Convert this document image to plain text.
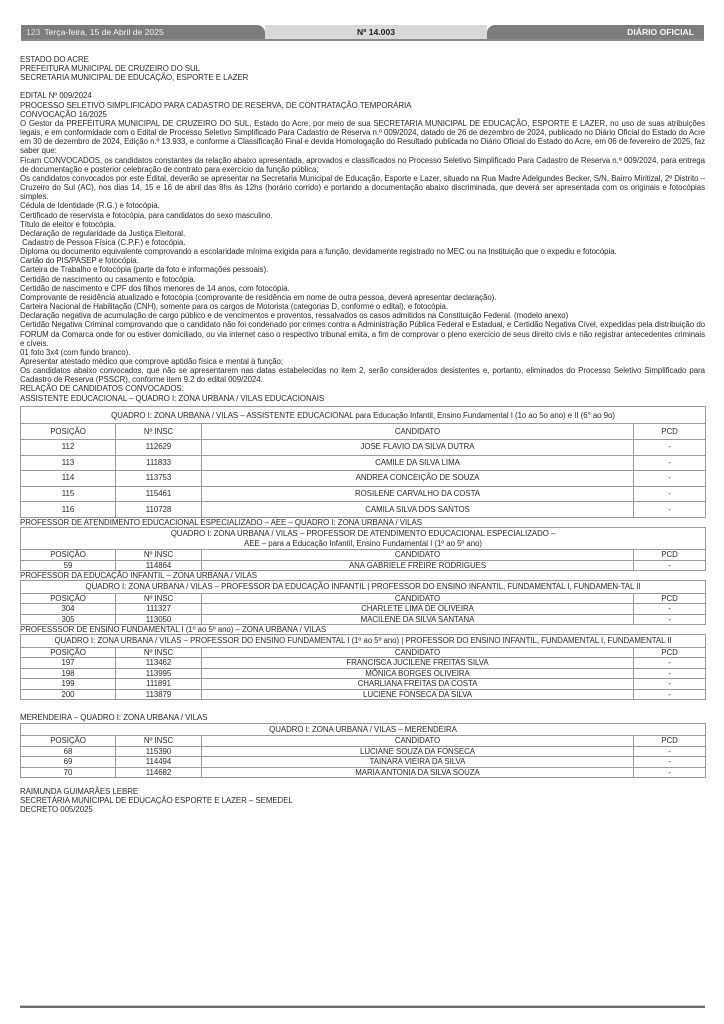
123 Terça-feira, 15 de Abril de 2025	Nº 14.003	DIÁRIO OFICIAL

ESTADO DO ACRE

PREFEITURA MUNICIPAL DE CRUZEIRO DO SUL

SECRETARIA MUNICIPAL DE EDUCAÇÃO, ESPORTE E LAZER

EDITAL Nº 009/2024

PROCESSO SELETIVO SIMPLIFICADO PARA CADASTRO DE RESERVA, DE CONTRATAÇÃO TEMPORÁRIA

CONVOCAÇÃO 16/2025

O Gestor da PREFEITURA MUNICIPAL DE CRUZEIRO DO SUL, Estado do Acre, por meio de sua SECRETARIA MUNICIPAL DE EDUCAÇÃO, ESPORTE E LAZER, no uso de suas atribuições legais, e em conformidade com o Edital de Processo Seletivo Simplificado Para Cadastro de Reserva n.º 009/2024, datado de 26 de dezembro de 2024, publicado no Diário Oficial do Estado do Acre em 30 de dezembro de 2024, Edição n.º 13.933, e conforme a Classificação Final e devida Homologação do Resultado publicada no Diário Oficial do Estado do Acre, em 06 de fevereiro de 2025, faz saber que:

Ficam CONVOCADOS, os candidatos constantes da relação abaixo apresentada, aprovados e classificados no Processo Seletivo Simplificado Para Cadastro de Reserva n.º 009/2024, para entrega de documentação e posterior celebração de contrato para exercício da função pública;

Os candidatos convocados por este Edital, deverão se apresentar na Secretaria Municipal de Educação, Esporte e Lazer, situado na Rua Madre Adelgundes Becker, S/N, Bairro Miritizal, 2º Distrito – Cruzeiro do Sul (AC), nos dias 14, 15 e 16 de abril das 8hs às 12hs (horário corrido) e portando a documentação abaixo discriminada, que deverá ser apresentada com os originais e fotocópias simples.

Cédula de Identidade (R.G.) e fotocópia.

Certificado de reservista e fotocópia, para candidatos do sexo masculino.

Título de eleitor e fotocópia.

Declaração de regularidade da Justiça Eleitoral.

Cadastro de Pessoa Física (C.P.F.) e fotocópia.

Diploma ou documento equivalente comprovando a escolaridade mínima exigida para a função, devidamente registrado no MEC ou na Instituição que o expediu e fotocópia.

Cartão do PIS/PASEP e fotocópia.

Carteira de Trabalho e fotocópia (parte da foto e informações pessoais).

Certidão de nascimento ou casamento e fotocópia.

Certidão de nascimento e CPF dos filhos menores de 14 anos, com fotocópia.

Comprovante de residência atualizado e fotocópia (comprovante de residência em nome de outra pessoa, deverá apresentar declaração).

Carteira Nacional de Habilitação (CNH), somente para os cargos de Motorista (categorias D, conforme o edital), e fotocópia.

Declaração negativa de acumulação de cargo público e de vencimentos e proventos, ressalvados os casos admitidos na Constituição Federal. (modelo anexo)

Certidão Negativa Criminal comprovando que o candidato não foi condenado por crimes contra a Administração Pública Federal e Estadual, e Certidão Negativa Cível, expedidas pela distribuição do FORUM da Comarca onde for ou estiver domiciliado, ou via internet caso o respectivo tribunal emita, a fim de comprovar o pleno exercício de seus direito civis e não registrar antecedentes criminais e cíveis.

01 foto 3x4 (com fundo branco).

Apresentar atestado médico que comprove aptidão física e mental à função;

Os candidatos abaixo convocados, que não se apresentarem nas datas estabelecidas no item 2, serão considerados desistentes e, portanto, eliminados do Processo Seletivo Simplificado para Cadastro de Reserva (PSSCR), conforme item 9.2 do edital 009/2024.

RELAÇÃO DE CANDIDATOS CONVOCADOS:

ASSISTENTE EDUCACIONAL – QUADRO I: ZONA URBANA / VILAS EDUCACIONAIS

QUADRO I: ZONA URBANA / VILAS – ASSISTENTE EDUCACIONAL para Educação Infantil, Ensino Fundamental I (1o ao 5o ano) e II (6° ao 9o)			
POSIÇÃO	Nº INSC	CANDIDATO	PCD
112	112629	JOSE FLAVIO DA SILVA DUTRA	-
113	111833	CAMILE DA SILVA LIMA	-
114	113753	ANDREA CONCEIÇÃO DE SOUZA	-
115	115461	ROSILENE CARVALHO DA COSTA	-
116	110728	CAMILA SILVA DOS SANTOS	-

PROFESSOR DE ATENDIMENTO EDUCACIONAL ESPECIALIZADO – AEE – QUADRO I: ZONA URBANA / VILAS

QUADRO I: ZONA URBANA / VILAS – PROFESSOR DE ATENDIMENTO EDUCACIONAL ESPECIALIZADO –
AEE – para a Educação Infantil, Ensino Fundamental I (1º ao 5º ano)			

POSIÇÃO	Nº INSC	CANDIDATO	PCD
59	114864	ANA GABRIELE FREIRE RODRIGUES	-

PROFESSOR DA EDUCAÇÃO INFANTIL – ZONA URBANA / VILAS

QUADRO I: ZONA URBANA / VILAS – PROFESSOR DA EDUCAÇÃO INFANTIL | PROFESSOR DO ENSINO INFANTIL, FUNDAMENTAL I, FUNDAMEN-TAL II			
POSIÇÃO	Nº INSC	CANDIDATO	PCD
304	111327	CHARLETE LIMA DE OLIVEIRA	-
305	113050	MACILENE DA SILVA SANTANA	-

PROFESSSOR DE ENSINO FUNDAMENTAL I (1º ao 5º ano) – ZONA URBANA / VILAS

QUADRO I: ZONA URBANA / VILAS – PROFESSOR DO ENSINO FUNDAMENTAL I (1º ao 5º ano) | PROFESSOR DO ENSINO INFANTIL, FUNDAMENTAL I, FUNDAMENTAL II			
POSIÇÃO	Nº INSC	CANDIDATO	PCD
197	113462	FRANCISCA JUCILENE FREITAS SILVA	-
198	113995	MÔNICA BORGES OLIVEIRA	-
199	111891	CHARLIANA FREITAS DA COSTA	-
200	113879	LUCIENE FONSECA DA SILVA	-

MERENDEIRA – QUADRO I: ZONA URBANA / VILAS

QUADRO I: ZONA URBANA / VILAS – MERENDEIRA			
POSIÇÃO	Nº INSC	CANDIDATO	PCD
68	115390	LUCIANE SOUZA DA FONSECA	-
69	114494	TAINARA VIEIRA DA SILVA	-
70	114682	MARIA ANTONIA DA SILVA SOUZA	-

RAIMUNDA GUIMARÃES LEBRE

SECRETÁRIA MUNICIPAL DE EDUCAÇÃO ESPORTE E LAZER – SEMEDEL

DECRETO 005/2025
